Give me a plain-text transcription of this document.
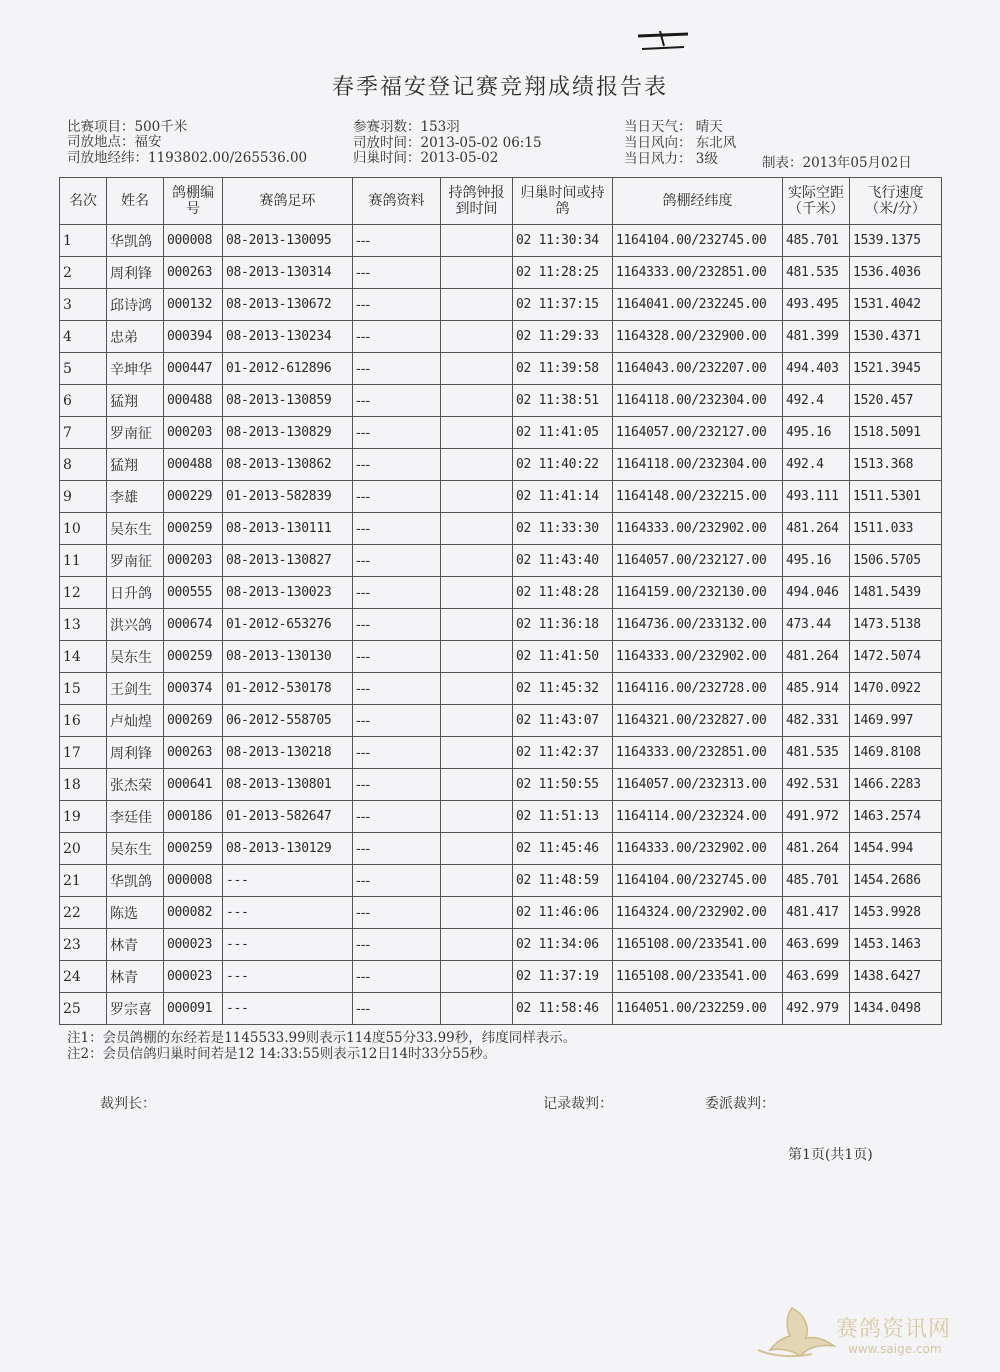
春季福安登记赛竞翔成绩报告表
比赛项目：500千米
司放地点：福安
司放地经纬：1193802.00/265536.00
参赛羽数：153羽
司放时间：2013-05-02 06:15
归巢时间：2013-05-02
当日天气： 晴天
当日风向： 东北风
当日风力： 3级	制表：2013年05月02日
名次	姓名	鸽棚编号	赛鸽足环	赛鸽资料	持鸽钟报到时间	归巢时间或持鸽	鸽棚经纬度	实际空距（千米）	飞行速度（米/分）
1	华凯鸽	000008	08-2013-130095	---		02 11:30:34	1164104.00/232745.00	485.701	1539.1375
2	周利锋	000263	08-2013-130314	---		02 11:28:25	1164333.00/232851.00	481.535	1536.4036
3	邱诗鸿	000132	08-2013-130672	---		02 11:37:15	1164041.00/232245.00	493.495	1531.4042
4	忠弟	000394	08-2013-130234	---		02 11:29:33	1164328.00/232900.00	481.399	1530.4371
5	辛坤华	000447	01-2012-612896	---		02 11:39:58	1164043.00/232207.00	494.403	1521.3945
6	猛翔	000488	08-2013-130859	---		02 11:38:51	1164118.00/232304.00	492.4	1520.457
7	罗南征	000203	08-2013-130829	---		02 11:41:05	1164057.00/232127.00	495.16	1518.5091
8	猛翔	000488	08-2013-130862	---		02 11:40:22	1164118.00/232304.00	492.4	1513.368
9	李雄	000229	01-2013-582839	---		02 11:41:14	1164148.00/232215.00	493.111	1511.5301
10	吴东生	000259	08-2013-130111	---		02 11:33:30	1164333.00/232902.00	481.264	1511.033
11	罗南征	000203	08-2013-130827	---		02 11:43:40	1164057.00/232127.00	495.16	1506.5705
12	日升鸽	000555	08-2013-130023	---		02 11:48:28	1164159.00/232130.00	494.046	1481.5439
13	洪兴鸽	000674	01-2012-653276	---		02 11:36:18	1164736.00/233132.00	473.44	1473.5138
14	吴东生	000259	08-2013-130130	---		02 11:41:50	1164333.00/232902.00	481.264	1472.5074
15	王剑生	000374	01-2012-530178	---		02 11:45:32	1164116.00/232728.00	485.914	1470.0922
16	卢灿煌	000269	06-2012-558705	---		02 11:43:07	1164321.00/232827.00	482.331	1469.997
17	周利锋	000263	08-2013-130218	---		02 11:42:37	1164333.00/232851.00	481.535	1469.8108
18	张杰荣	000641	08-2013-130801	---		02 11:50:55	1164057.00/232313.00	492.531	1466.2283
19	李廷佳	000186	01-2013-582647	---		02 11:51:13	1164114.00/232324.00	491.972	1463.2574
20	吴东生	000259	08-2013-130129	---		02 11:45:46	1164333.00/232902.00	481.264	1454.994
21	华凯鸽	000008	---	---		02 11:48:59	1164104.00/232745.00	485.701	1454.2686
22	陈选	000082	---	---		02 11:46:06	1164324.00/232902.00	481.417	1453.9928
23	林青	000023	---	---		02 11:34:06	1165108.00/233541.00	463.699	1453.1463
24	林青	000023	---	---		02 11:37:19	1165108.00/233541.00	463.699	1438.6427
25	罗宗喜	000091	---	---		02 11:58:46	1164051.00/232259.00	492.979	1434.0498
注1：会员鸽棚的东经若是1145533.99则表示114度55分33.99秒，纬度同样表示。
注2：会员信鸽归巢时间若是12 14:33:55则表示12日14时33分55秒。
裁判长：	记录裁判：	委派裁判：
第1页(共1页)
赛鸽资讯网
www.saige.com
